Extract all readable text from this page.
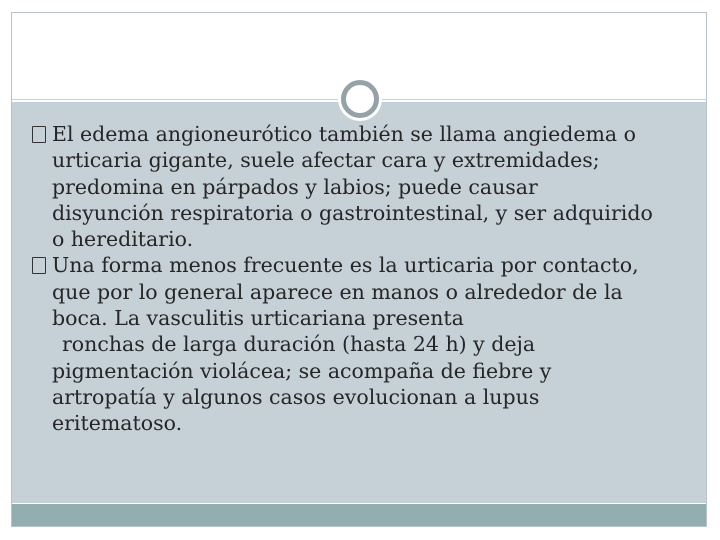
El edema angioneurótico también se llama angiedema o
urticaria gigante, suele afectar cara y extremidades;
predomina en párpados y labios; puede causar
disyunción respiratoria o gastrointestinal, y ser adquirido
o hereditario.
Una forma menos frecuente es la urticaria por contacto,
que por lo general aparece en manos o alrededor de la
boca. La vasculitis urticariana presenta
ronchas de larga duración (hasta 24 h) y deja
pigmentación violácea; se acompaña de fiebre y
artropatía y algunos casos evolucionan a lupus
eritematoso.
